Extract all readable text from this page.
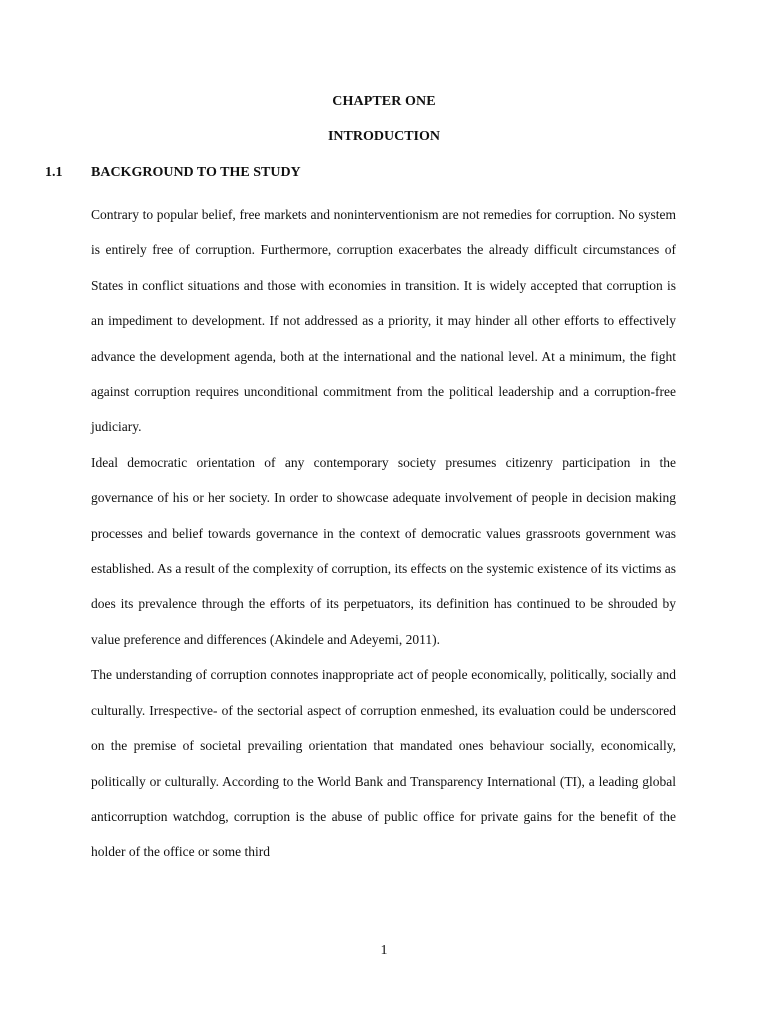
CHAPTER ONE
INTRODUCTION
1.1 BACKGROUND TO THE STUDY

Contrary to popular belief, free markets and noninterventionism are not remedies for corruption. No system is entirely free of corruption. Furthermore, corruption exacerbates the already difficult circumstances of States in conflict situations and those with economies in transition. It is widely accepted that corruption is an impediment to development. If not addressed as a priority, it may hinder all other efforts to effectively advance the development agenda, both at the international and the national level. At a minimum, the fight against corruption requires unconditional commitment from the political leadership and a corruption-free judiciary.

Ideal democratic orientation of any contemporary society presumes citizenry participation in the governance of his or her society. In order to showcase adequate involvement of people in decision making processes and belief towards governance in the context of democratic values grassroots government was established. As a result of the complexity of corruption, its effects on the systemic existence of its victims as does its prevalence through the efforts of its perpetuators, its definition has continued to be shrouded by value preference and differences (Akindele and Adeyemi, 2011).

The understanding of corruption connotes inappropriate act of people economically, politically, socially and culturally. Irrespective- of the sectorial aspect of corruption enmeshed, its evaluation could be underscored on the premise of societal prevailing orientation that mandated ones behaviour socially, economically, politically or culturally. According to the World Bank and Transparency International (TI), a leading global anticorruption watchdog, corruption is the abuse of public office for private gains for the benefit of the holder of the office or some third

1
